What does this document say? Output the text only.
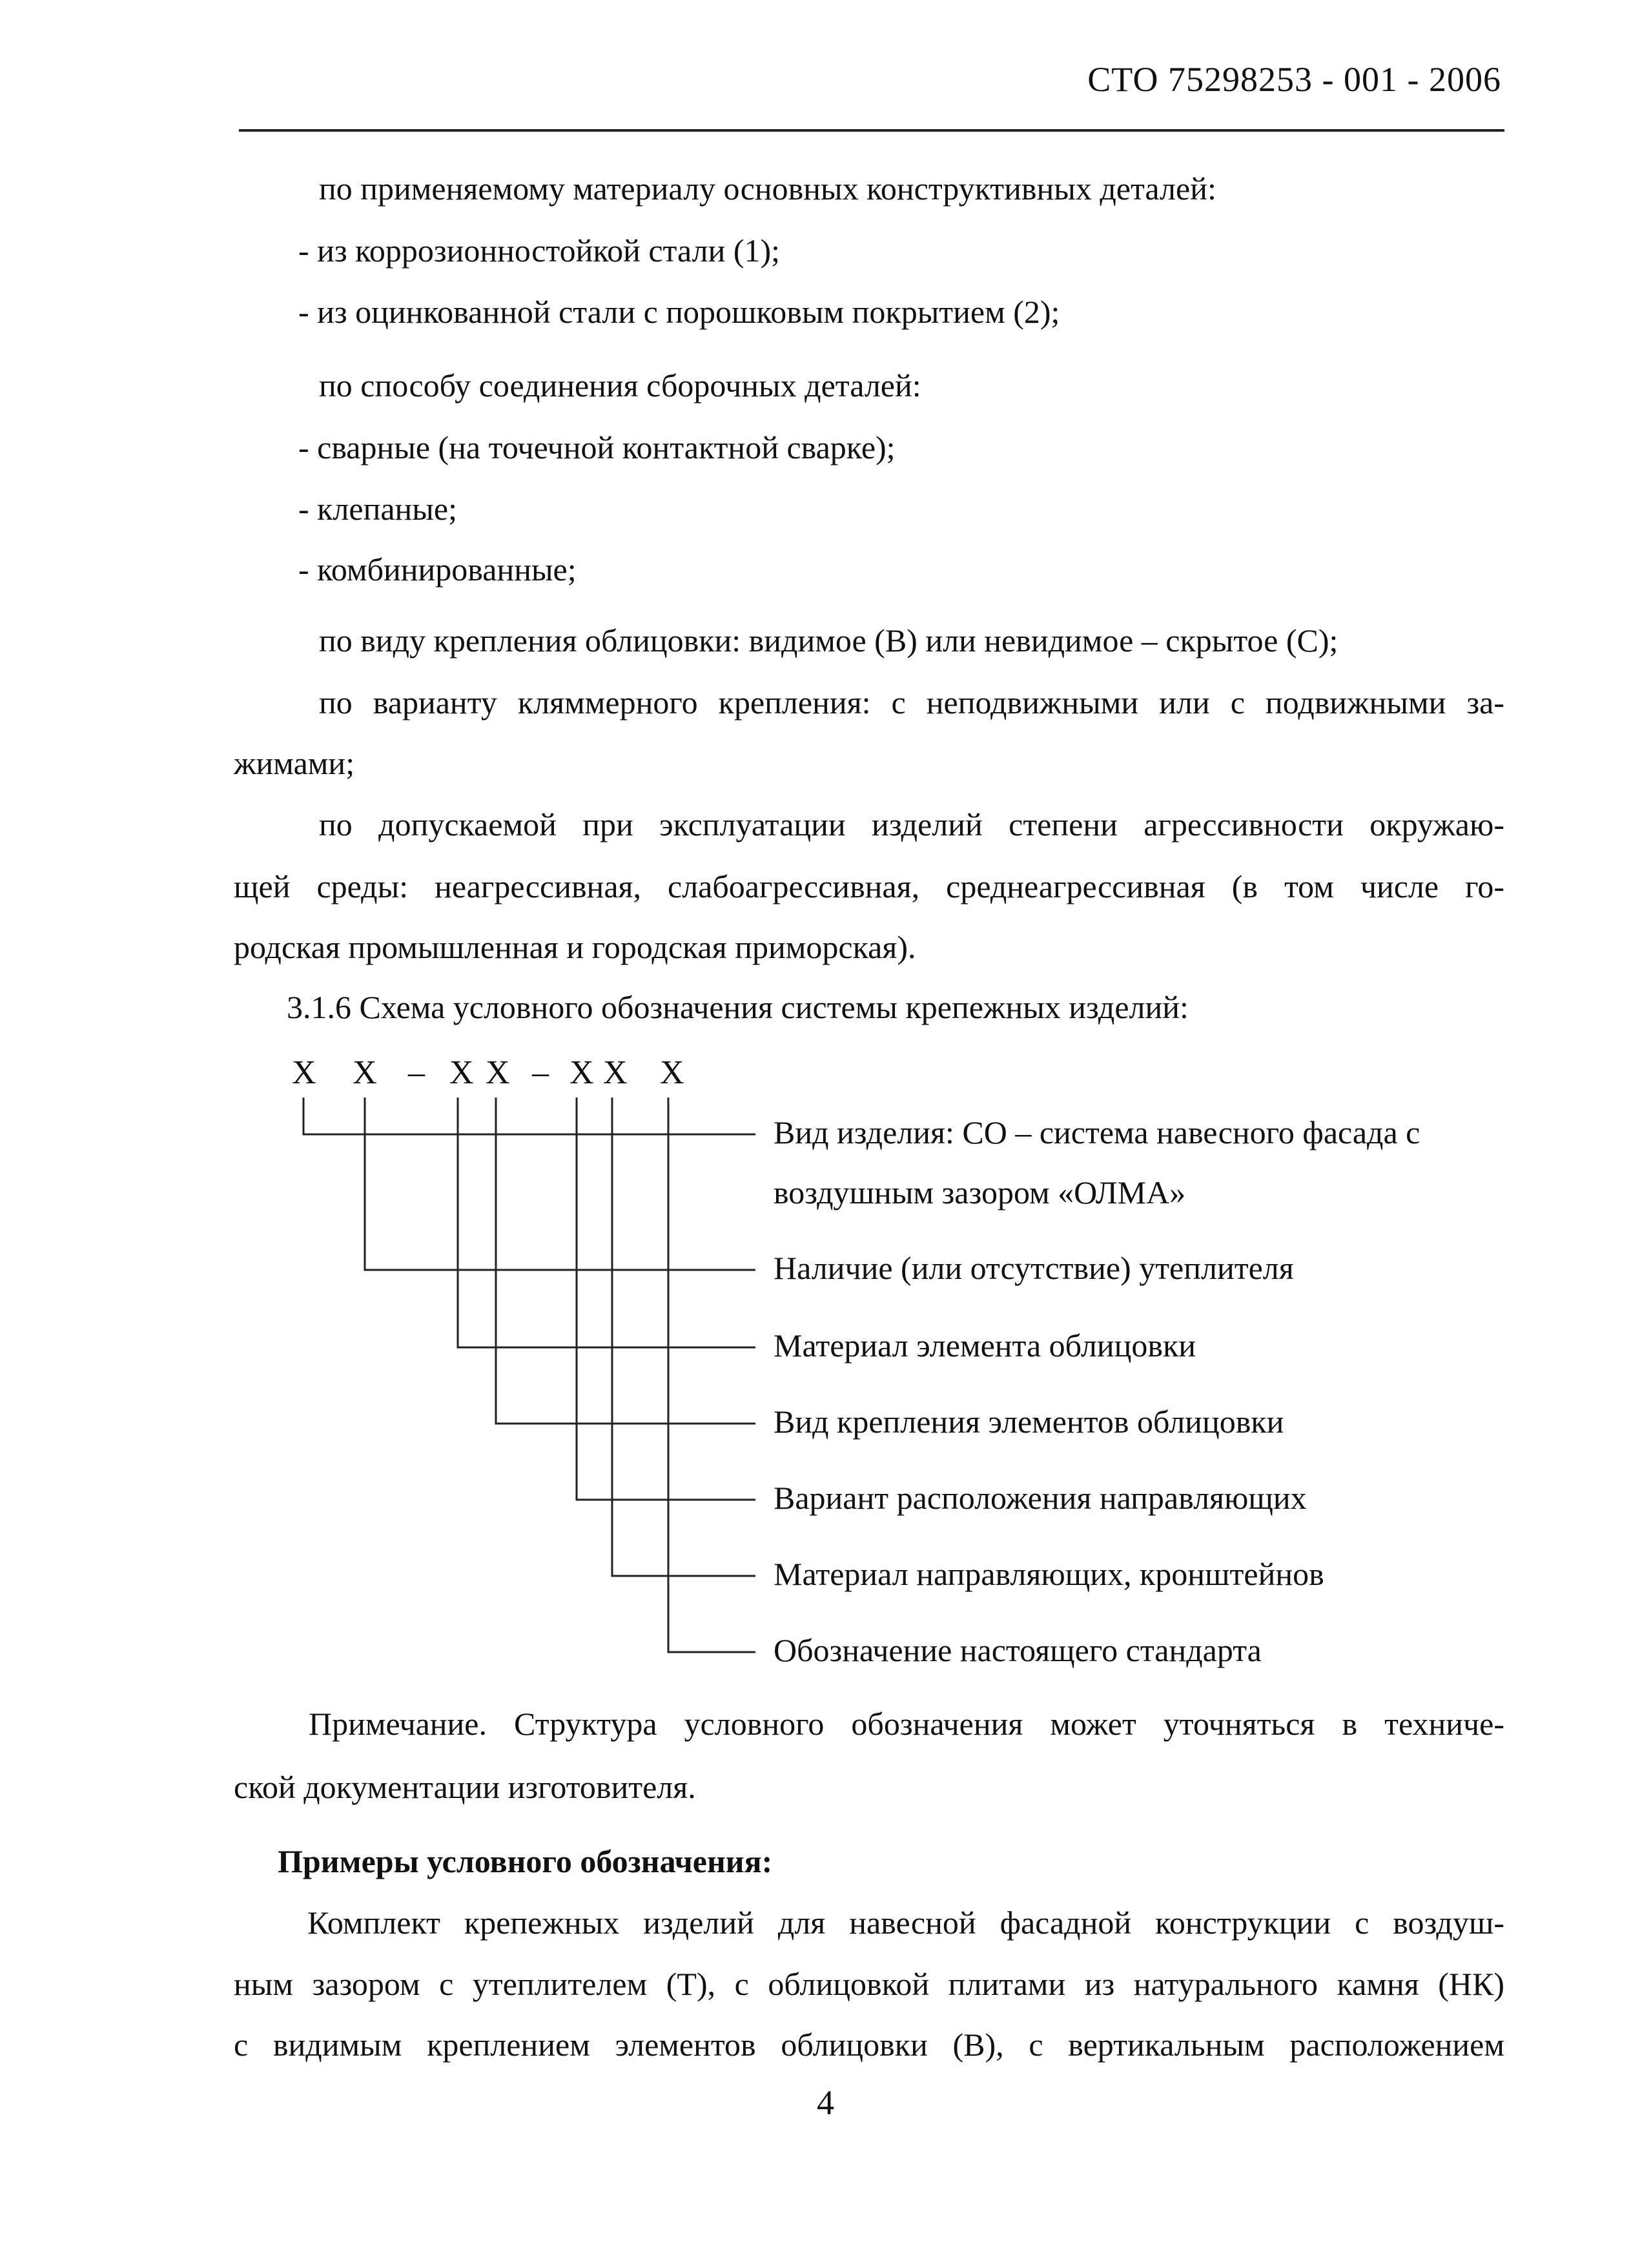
СТО 75298253 - 001 - 2006
по применяемому материалу основных конструктивных деталей:
- из коррозионностойкой стали (1);
- из оцинкованной стали с порошковым покрытием (2);
по способу соединения сборочных деталей:
- сварные (на точечной контактной сварке);
- клепаные;
- комбинированные;
по виду крепления облицовки: видимое (В) или невидимое – скрытое (С);
по варианту кляммерного крепления: с неподвижными или с подвижными за-
жимами;
по допускаемой при эксплуатации изделий степени агрессивности окружаю-
щей среды: неагрессивная, слабоагрессивная, среднеагрессивная (в том числе го-
родская промышленная и городская приморская).
3.1.6 Схема условного обозначения системы крепежных изделий:
Х Х – Х Х – Х Х Х
Вид изделия: СО – система навесного фасада с
воздушным зазором «ОЛМА»
Наличие (или отсутствие) утеплителя
Материал элемента облицовки
Вид крепления элементов облицовки
Вариант расположения направляющих
Материал направляющих, кронштейнов
Обозначение настоящего стандарта
Примечание. Структура условного обозначения может уточняться в техниче-
ской документации изготовителя.
Примеры условного обозначения:
Комплект крепежных изделий для навесной фасадной конструкции с воздуш-
ным зазором с утеплителем (Т), с облицовкой плитами из натурального камня (НК)
с видимым креплением элементов облицовки (В), с вертикальным расположением
4
